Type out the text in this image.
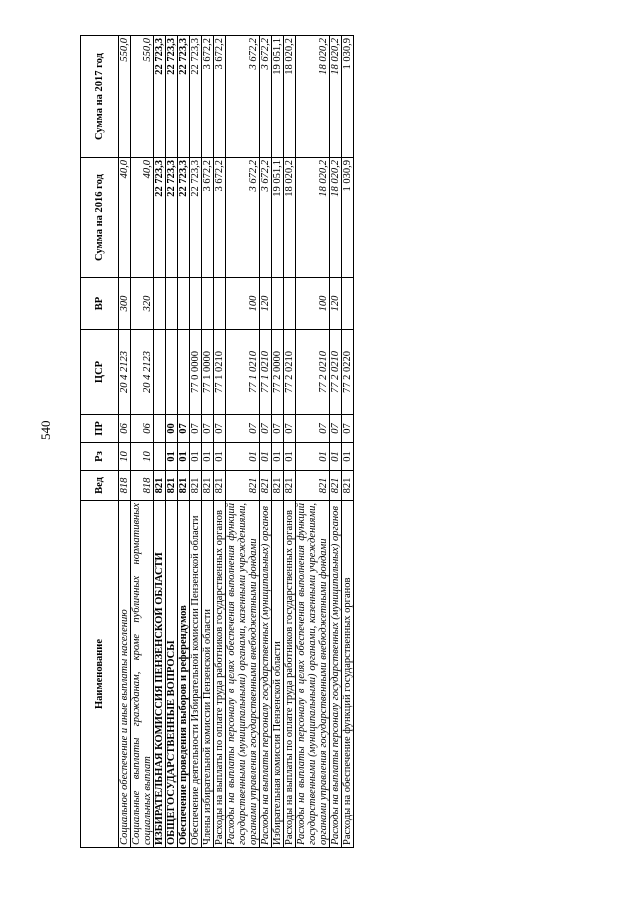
540
Наименование	Вед	Рз	ПР	ЦСР	ВР	Сумма на 2016 год	Сумма на 2017 год
Социальное обеспечение и иные выплаты населению	818	10	06	20 4 2123	300	40,0	550,0
Социальные выплаты гражданам, кроме публичных нормативных социальных выплат	818	10	06	20 4 2123	320	40,0	550,0
ИЗБИРАТЕЛЬНАЯ КОМИССИЯ ПЕНЗЕНСКОЙ ОБЛАСТИ	821					22 723,3	22 723,3
ОБЩЕГОСУДАРСТВЕННЫЕ ВОПРОСЫ	821	01	00			22 723,3	22 723,3
Обеспечение проведения выборов и референдумов	821	01	07			22 723,3	22 723,3
Обеспечение деятельности Избирательной комиссии Пензенской области	821	01	07	77 0 0000		22 723,3	22 723,3
Члены избирательной комиссии Пензенской области	821	01	07	77 1 0000		3 672,2	3 672,2
Расходы на выплаты по оплате труда работников государственных органов	821	01	07	77 1 0210		3 672,2	3 672,2
Расходы на выплаты персоналу в целях обеспечения выполнения функций государственными (муниципальными) органами, казенными учреждениями, органами управления государственными внебюджетными фондами	821	01	07	77 1 0210	100	3 672,2	3 672,2
Расходы на выплаты персоналу государственных (муниципальных) органов	821	01	07	77 1 0210	120	3 672,2	3 672,2
Избирательная комиссия Пензенской области	821	01	07	77 2 0000		19 051,1	19 051,1
Расходы на выплаты по оплате труда работников государственных органов	821	01	07	77 2 0210		18 020,2	18 020,2
Расходы на выплаты персоналу в целях обеспечения выполнения функций государственными (муниципальными) органами, казенными учреждениями, органами управления государственными внебюджетными фондами	821	01	07	77 2 0210	100	18 020,2	18 020,2
Расходы на выплаты персоналу государственных (муниципальных) органов	821	01	07	77 2 0210	120	18 020,2	18 020,2
Расходы на обеспечение функций государственных органов	821	01	07	77 2 0220		1 030,9	1 030,9
